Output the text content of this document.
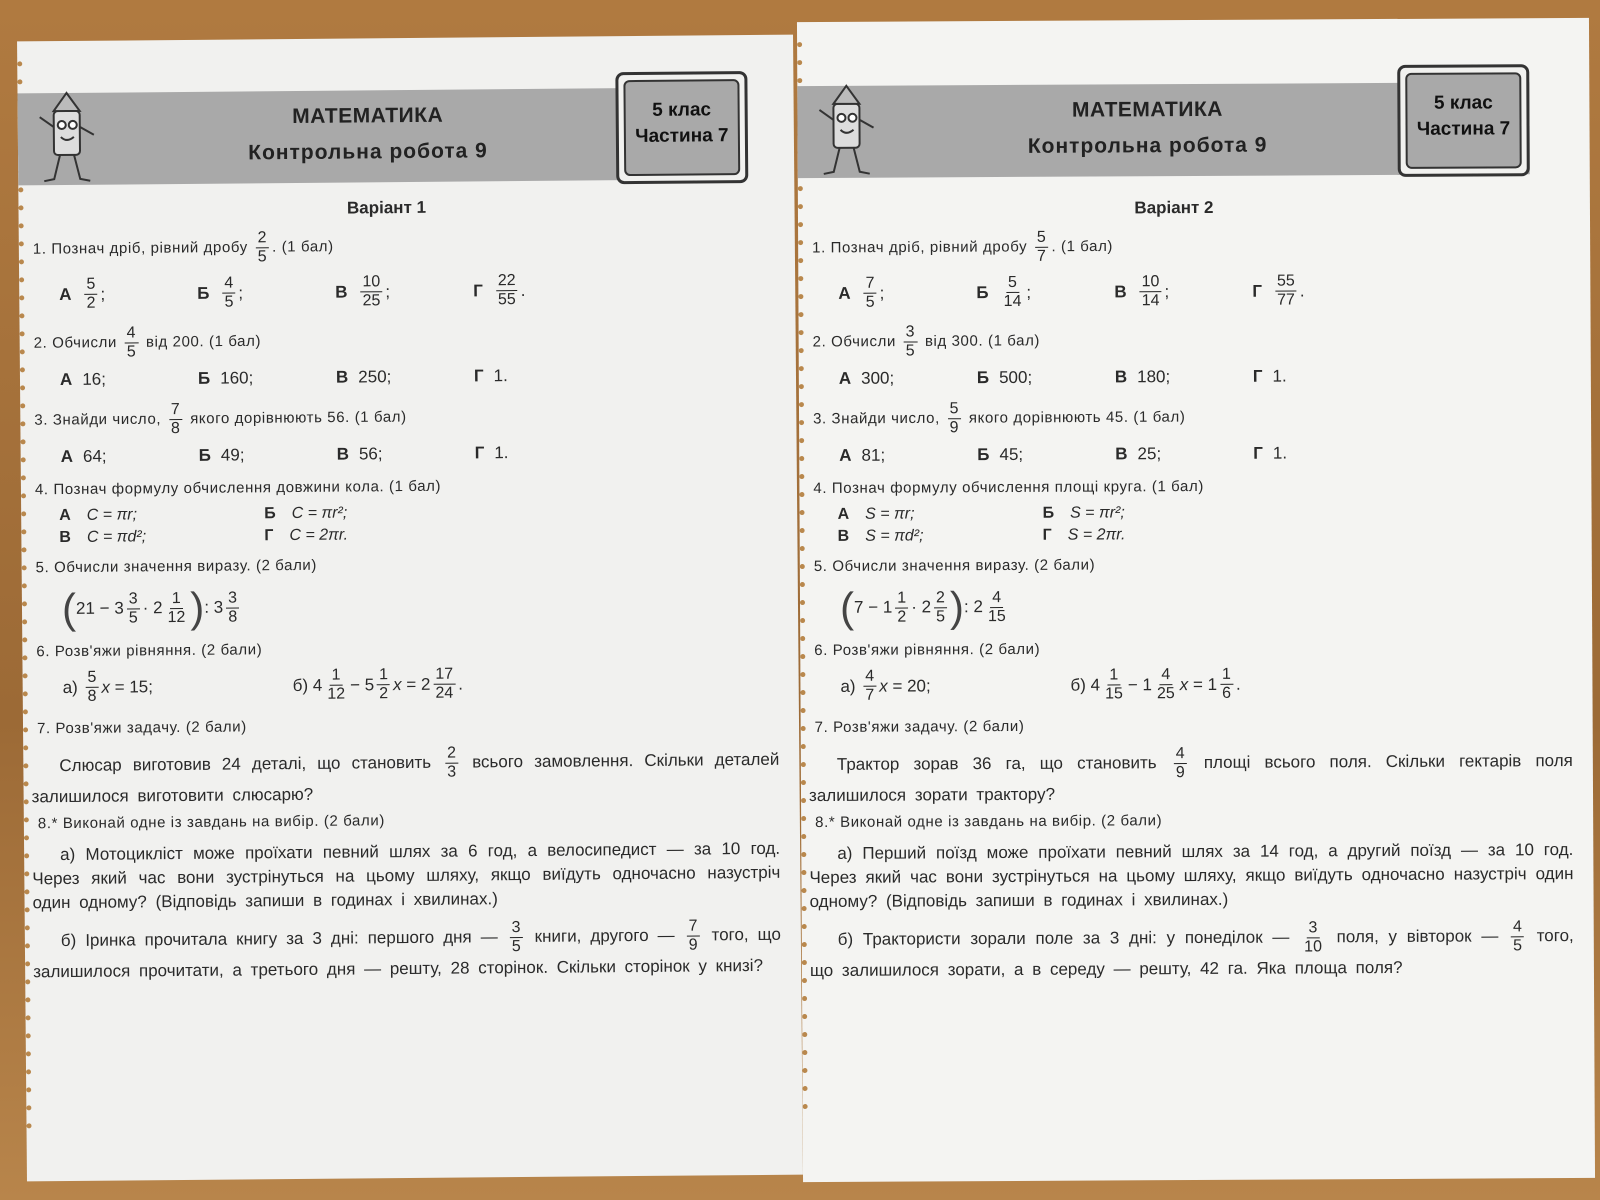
МАТЕМАТИКА
Контрольна робота 9
5 клас
Частина 7
Варіант 1
1. Познач дріб, рівний дробу $\frac{2}{5}$ . (1 бал)
А $\frac{5}{2}$ ;	Б $\frac{4}{5}$ ;	В $\frac{10}{25}$ ;	Г $\frac{22}{55}$ .
2. Обчисли $\frac{4}{5}$ від 200. (1 бал)
А 16;	Б 160;	В 250;	Г 1.
3. Знайди число, $\frac{7}{8}$ якого дорівнюють 56. (1 бал)
А 64;	Б 49;	В 56;	Г 1.
4. Познач формулу обчислення довжини кола. (1 бал)
А C = πr;	Б C = πr²;
В C = πd²;	Г C = 2πr.
5. Обчисли значення виразу. (2 бали)
( $21 - 3 \frac{3}{5} \cdot 2 \frac{1}{12}$ ) : $3 \frac{3}{8}$
6. Розв'яжи рівняння. (2 бали)
$а) \frac{5}{8}$ x = 15;	б) $4 \frac{1}{12} - 5 \frac{1}{2}$ $x = 2 \frac{17}{24}$ .
7. Розв'яжи задачу. (2 бали)
Слюсар виготовив 24 деталі, що становить $\frac{2}{3}$ всього замовлення. Скільки деталей залишилося виготовити слюсарю?
8.* Виконай одне із завдань на вибір. (2 бали)
а) Мотоцикліст може проїхати певний шлях за 6 год, а велосипедист — за 10 год. Через який час вони зустрінуться на цьому шляху, якщо виїдуть одночасно назустріч один одному? (Відповідь запиши в годинах і хвилинах.)
б) Іринка прочитала книгу за 3 дні: першого дня — $\frac{3}{5}$ книги, другого — $\frac{7}{9}$ того, що залишилося прочитати, а третього дня — решту, 28 сторінок. Скільки сторінок у книзі?
МАТЕМАТИКА
Контрольна робота 9
5 клас
Частина 7
Варіант 2
1. Познач дріб, рівний дробу $\frac{5}{7}$ . (1 бал)
А $\frac{7}{5}$ ;	Б $\frac{5}{14}$ ;	В $\frac{10}{14}$ ;	Г $\frac{55}{77}$ .
2. Обчисли $\frac{3}{5}$ від 300. (1 бал)
А 300;	Б 500;	В 180;	Г 1.
3. Знайди число, $\frac{5}{9}$ якого дорівнюють 45. (1 бал)
А 81;	Б 45;	В 25;	Г 1.
4. Познач формулу обчислення площі круга. (1 бал)
А S = πr;	Б S = πr²;
В S = πd²;	Г S = 2πr.
5. Обчисли значення виразу. (2 бали)
( $7 - 1 \frac{1}{2} \cdot 2 \frac{2}{5}$ ) : $2 \frac{4}{15}$
6. Розв'яжи рівняння. (2 бали)
$а) \frac{4}{7}$ x = 20;	б) $4 \frac{1}{15} - 1 \frac{4}{25}$ $x = 1 \frac{1}{6}$ .
7. Розв'яжи задачу. (2 бали)
Трактор зорав 36 га, що становить $\frac{4}{9}$ площі всього поля. Скільки гектарів поля залишилося зорати трактору?
8.* Виконай одне із завдань на вибір. (2 бали)
а) Перший поїзд може проїхати певний шлях за 14 год, а другий поїзд — за 10 год. Через який час вони зустрінуться на цьому шляху, якщо виїдуть одночасно назустріч один одному? (Відповідь запиши в годинах і хвилинах.)
б) Трактористи зорали поле за 3 дні: у понеділок — $\frac{3}{10}$ поля, у вівторок — $\frac{4}{5}$ того, що залишилося зорати, а в середу — решту, 42 га. Яка площа поля?
